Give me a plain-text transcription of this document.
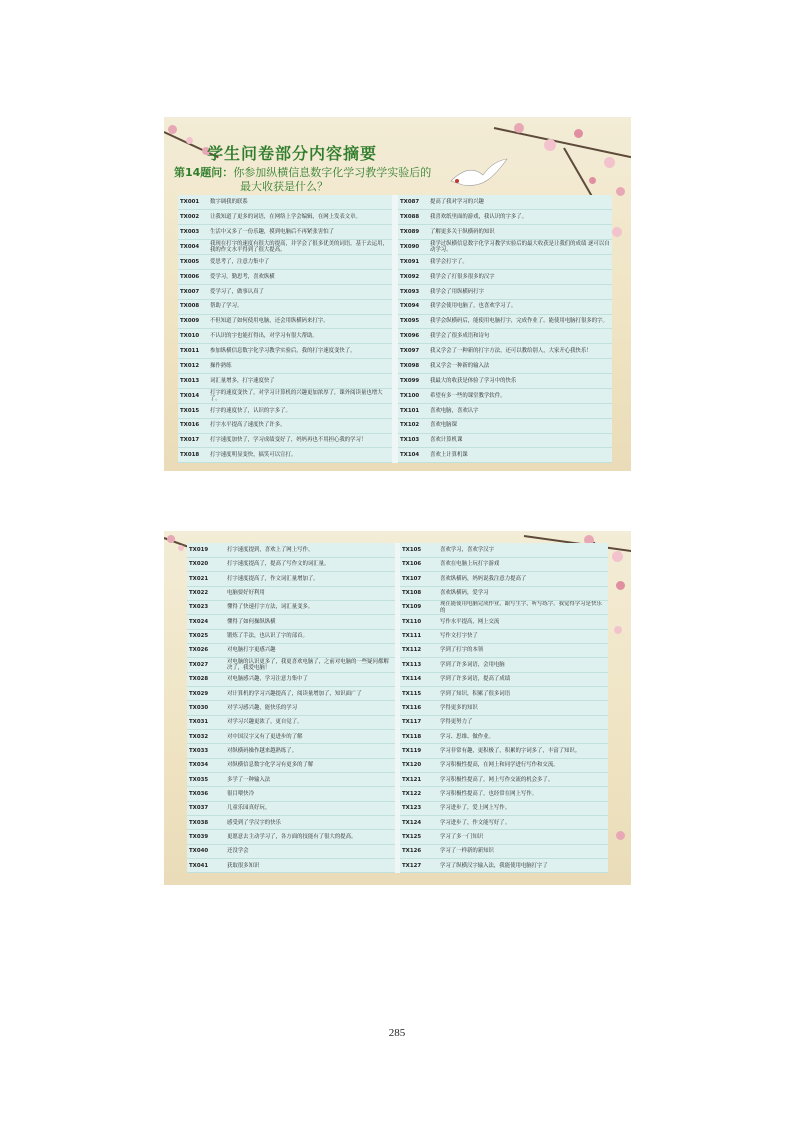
学生问卷部分内容摘要
第14题问：你参加纵横信息数字化学习教学实验后的
最大收获是什么？
TX001	数字调我的联系		TX087	提高了我对学习的兴趣
TX002	让我知道了更多的词语，在网络上学会编辑，在网上发表文章。		TX088	我喜欢纸里面的游戏，我认识的字多了。
TX003	生活中又多了一份乐趣，摸到电脑后不再紧张害怕了		TX089	了解更多关于纵横码的知识
TX004	我现在打字的速度有很大的提高，并学会了很多优美的词语，基于去运用，我的作文水平得到了很大提高。		TX090	我学过纵横信息数字化学习教学实验后的最大收获是让我们的成绩 逐可以自动学习。
TX005	爱思考了，注意力集中了		TX091	我学会打字了。
TX006	爱学习，勤思考，喜欢纵横		TX092	我学会了打很多很多的汉字
TX007	爱学习了，做事认真了		TX093	我学会了用纵横码打字
TX008	帮助了学习。		TX094	我学会使用电脑了，也喜欢学习了。
TX009	不但知道了如何使用电脑，还会用纵横码来打字。		TX095	我学会纵横码后，能使用电脑打字，完成作业了。能使用电脑打很多的字。
TX010	不认识的字也能打得出，对学习有很大帮助。		TX096	我学会了很多成语和诗句
TX011	参加纵横信息数字化学习教学实验后，我的打字速度变快了。		TX097	我又学会了一种新的打字方法，还可以教给别人，大家开心我快乐！
TX012	操作熟练		TX098	我又学会一种新的输入法
TX013	词汇量增多，打字速度快了		TX099	我最大的收获是体验了学习中的快乐
TX014	打字的速度变快了，对学习计算机的兴趣更加浓厚了，课外阅读量也增大了。		TX100	希望有多一些的课堂教学软件。
TX015	打字的速度快了，认识的字多了。		TX101	喜欢电脑，喜欢认字
TX016	打字水平提高了速度快了许多。		TX102	喜欢电脑课
TX017	打字速度加快了，学习成绩变好了，妈妈再也不用担心我的学习！		TX103	喜欢计算机课
TX018	打字速度明显变快，搞笑可以宣打。		TX104	喜欢上计算机课
TX019	打字速度提到，喜欢上了网上写作。		TX105	喜欢学习，喜欢学汉字
TX020	打字速度提高了，提高了写作文的词汇量。		TX106	喜欢在电脑上玩打字游戏
TX021	打字速度提高了，作文词汇量增加了。		TX107	喜欢纵横码，妈妈说我注意力提高了
TX022	电脑要好好利用		TX108	喜欢纵横码，爱学习
TX023	懂得了快速打字方法，词汇量变多。		TX109	现在能使用电脑完成作业，跟写生字，听写练字。我觉得学习是快乐的
TX024	懂得了如何操纵纵横		TX110	写作水平提高，网上交流
TX025	锻炼了手法，也认识了字的部首。		TX111	写作文打字快了
TX026	对电脑打字更感兴趣		TX112	学到了打字的本领
TX027	对电脑的认识更多了，我更喜欢电脑了，之前对电脑的一些疑问都解决了，我爱电脑！		TX113	学到了许多词语，会用电脑
TX028	对电脑感兴趣，学习注意力集中了		TX114	学到了许多词语，提高了成绩
TX029	对计算机的学习兴趣提高了，阅读量增加了，知识面广了		TX115	学到了知识，积累了很多词语
TX030	对学习感兴趣，能快乐的学习		TX116	学得更多的知识
TX031	对学习兴趣更浓了，更自觉了。		TX117	学得更努力了
TX032	对中国汉字又有了更进步的了解		TX118	学习、思维、做作业。
TX033	对纵横码操作越来越熟练了。		TX119	学习非常有趣，更积极了，积累的字词多了，丰富了知识。
TX034	对纵横信息数字化学习有更多的了解		TX120	学习积极性提高，在网上和同学进行写作和交流。
TX035	多学了一种输入法		TX121	学习积极性提高了，网上写作交流的机会多了。
TX036	很目喂快冷		TX122	学习积极性提高了，也经常在网上写作。
TX037	几童乐园真好玩。		TX123	学习进步了，爱上网上写作。
TX038	感受到了学汉字的快乐		TX124	学习进步了，作文能写好了。
TX039	更愿意去主动学习了，各方面的技能有了很大的提高。		TX125	学习了多一门知识
TX040	还没学会		TX126	学习了一样新的新知识
TX041	获取很多知识		TX127	学习了纵横汉字输入法，我能使用电脑打字了
285
